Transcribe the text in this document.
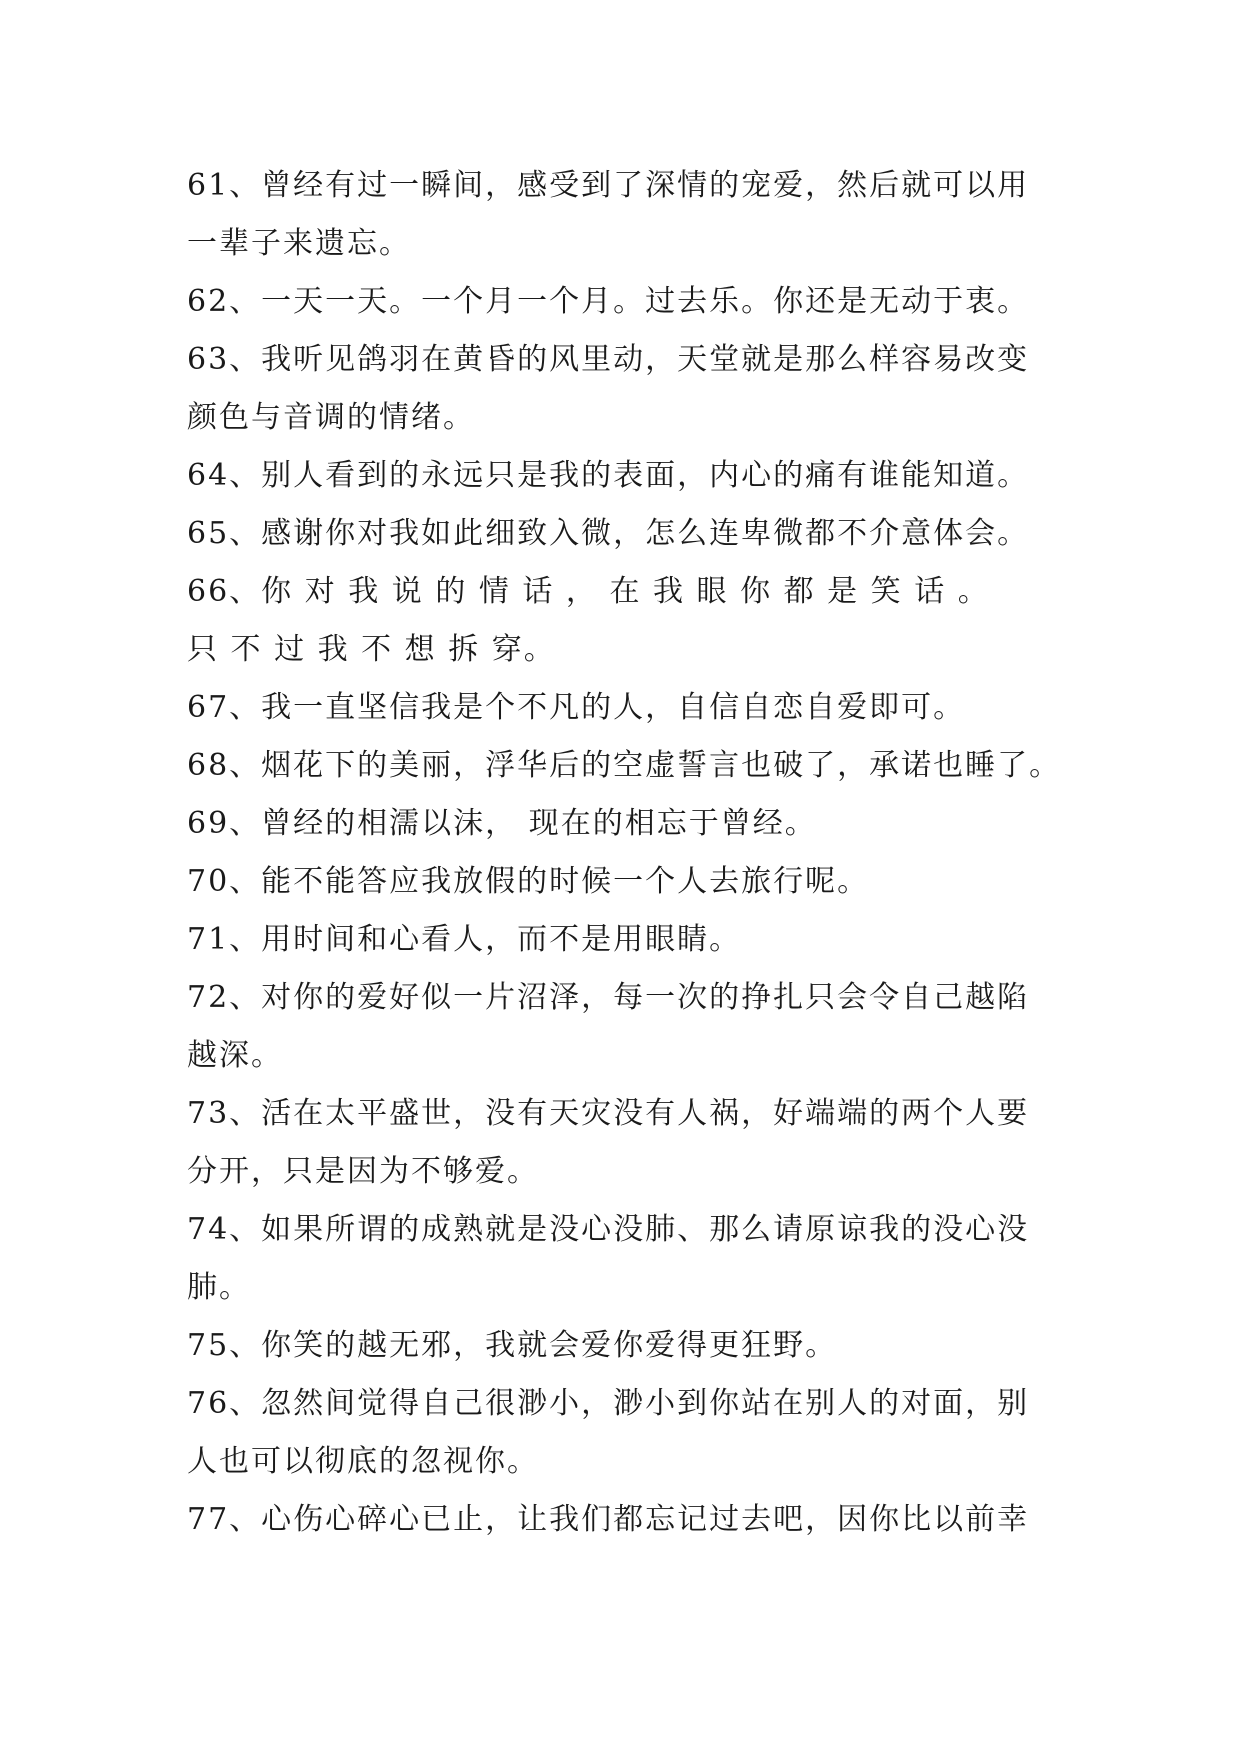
61、曾经有过一瞬间，感受到了深情的宠爱，然后就可以用
一辈子来遗忘。
62、一天一天。一个月一个月。过去乐。你还是无动于衷。
63、我听见鸽羽在黄昏的风里动，天堂就是那么样容易改变
颜色与音调的情绪。
64、别人看到的永远只是我的表面，内心的痛有谁能知道。
65、感谢你对我如此细致入微，怎么连卑微都不介意体会。
66、你 对 我 说 的 情 话 ， 在 我 眼 你 都 是 笑 话 。
只 不 过 我 不 想 拆 穿。
67、我一直坚信我是个不凡的人，自信自恋自爱即可。
68、烟花下的美丽，浮华后的空虚誓言也破了，承诺也睡了。
69、曾经的相濡以沫， 现在的相忘于曾经。
70、能不能答应我放假的时候一个人去旅行呢。
71、用时间和心看人，而不是用眼睛。
72、对你的爱好似一片沼泽，每一次的挣扎只会令自己越陷
越深。
73、活在太平盛世，没有天灾没有人祸，好端端的两个人要
分开，只是因为不够爱。
74、如果所谓的成熟就是没心没肺、那么请原谅我的没心没
肺。
75、你笑的越无邪，我就会爱你爱得更狂野。
76、忽然间觉得自己很渺小，渺小到你站在别人的对面，别
人也可以彻底的忽视你。
77、心伤心碎心已止，让我们都忘记过去吧，因你比以前幸
